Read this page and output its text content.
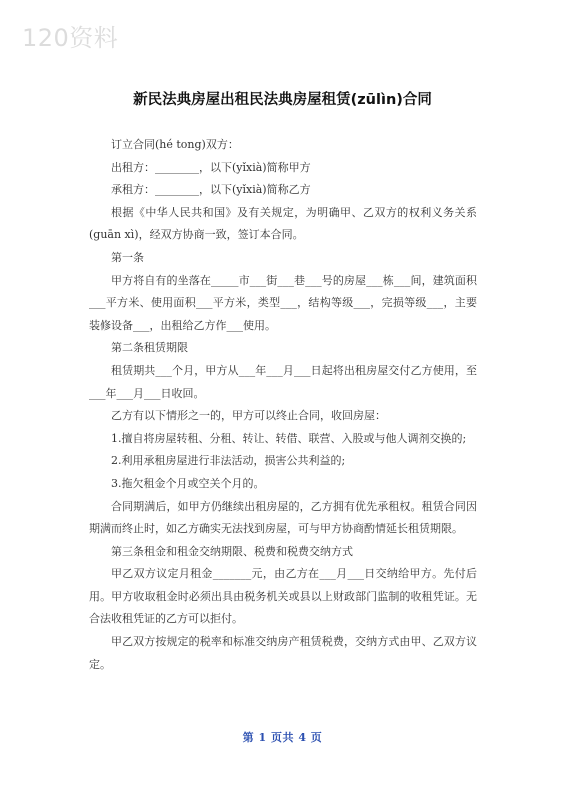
120资料
新民法典房屋出租民法典房屋租赁(zūlìn)合同

订立合同(hé tong)双方：

出租方：________，以下(yǐxià)简称甲方

承租方：________，以下(yǐxià)简称乙方

根据《中华人民共和国》及有关规定，为明确甲、乙双方的权利义务关系(guān xì)，经双方协商一致，签订本合同。

第一条

甲方将自有的坐落在_____市___街___巷___号的房屋___栋___间，建筑面积___平方米、使用面积___平方米，类型___，结构等级___，完损等级___，主要装修设备___，出租给乙方作___使用。

第二条租赁期限

租赁期共___个月，甲方从___年___月___日起将出租房屋交付乙方使用，至___年___月___日收回。

乙方有以下情形之一的，甲方可以终止合同，收回房屋：

1.擅自将房屋转租、分租、转让、转借、联营、入股或与他人调剂交换的;

2.利用承租房屋进行非法活动，损害公共利益的;

3.拖欠租金个月或空关个月的。

合同期满后，如甲方仍继续出租房屋的，乙方拥有优先承租权。租赁合同因期满而终止时，如乙方确实无法找到房屋，可与甲方协商酌情延长租赁期限。

第三条租金和租金交纳期限、税费和税费交纳方式

甲乙双方议定月租金_______元，由乙方在___月___日交纳给甲方。先付后用。甲方收取租金时必须出具由税务机关或县以上财政部门监制的收租凭证。无合法收租凭证的乙方可以拒付。

甲乙双方按规定的税率和标准交纳房产租赁税费，交纳方式由甲、乙双方议定。

第 1 页共 4 页
